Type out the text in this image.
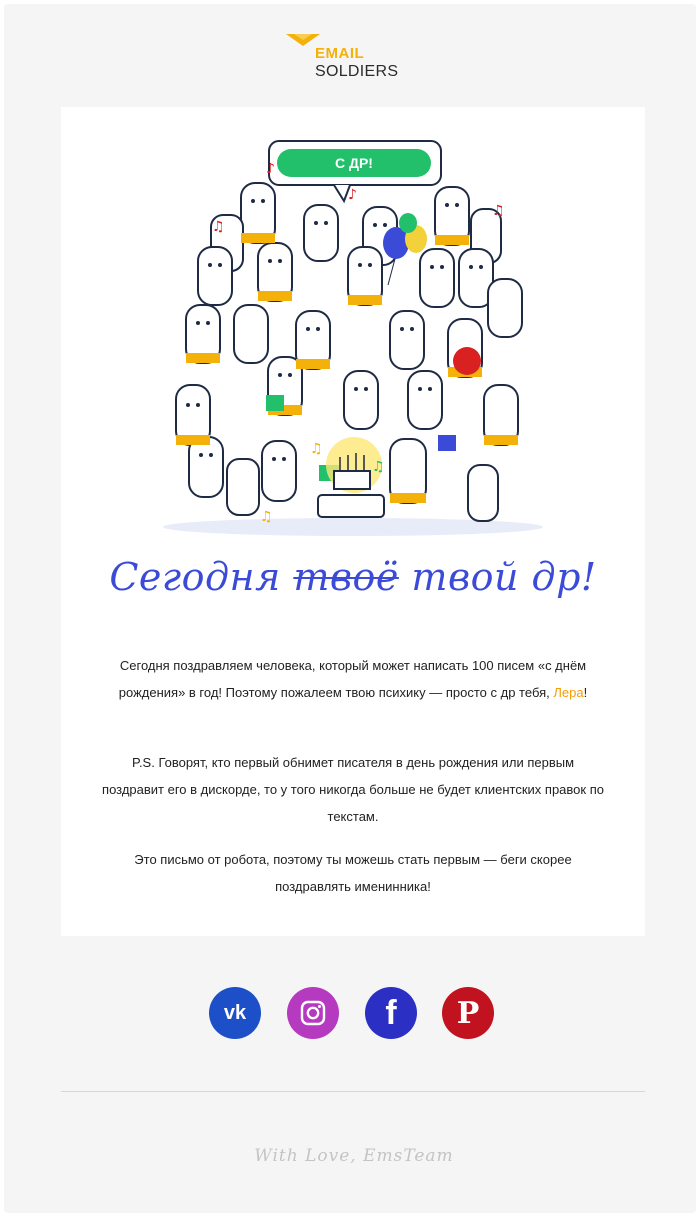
EMAIL
SOLDIERS
С ДР!
♫
♪
♫
♪
♫
♫
♫
Сегодня твоё твой др!
Сегодня поздравляем человека, который может написать 100 писем «с днём рождения» в год! Поэтому пожалеем твою психику — просто с др тебя, Лера!
P.S. Говорят, кто первый обнимет писателя в день рождения или первым поздравит его в дискорде, то у того никогда больше не будет клиентских правок по текстам.
Это письмо от робота, поэтому ты можешь стать первым — беги скорее поздравлять именинника!
vk	f P
With Love, EmsTeam
